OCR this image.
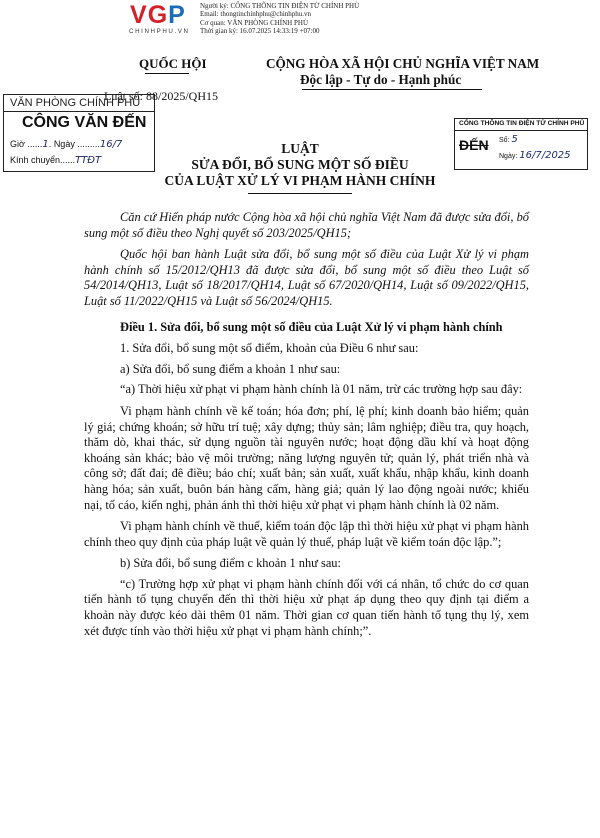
VGP
CHINHPHU.VN
Người ký: CỔNG THÔNG TIN ĐIỆN TỬ CHÍNH PHỦ
Email: thongtinchinhphu@chinhphu.vn
Cơ quan: VĂN PHÒNG CHÍNH PHỦ
Thời gian ký: 16.07.2025 14:33:19 +07:00
QUỐC HỘI	CỘNG HÒA XÃ HỘI CHỦ NGHĨA VIỆT NAM
Độc lập - Tự do - Hạnh phúc
Luật số: 88/2025/QH15
VĂN PHÒNG CHÍNH PHỦ
CÔNG VĂN ĐẾN
Giờ ......1. Ngày .........16/7
Kính chuyển......TTĐT
CỔNG THÔNG TIN ĐIỆN TỬ CHÍNH PHỦ
ĐẾN Số: 5
Ngày: 16/7/2025
LUẬT
SỬA ĐỔI, BỔ SUNG MỘT SỐ ĐIỀU
CỦA LUẬT XỬ LÝ VI PHẠM HÀNH CHÍNH

Căn cứ Hiến pháp nước Cộng hòa xã hội chủ nghĩa Việt Nam đã được sửa đổi, bổ sung một số điều theo Nghị quyết số 203/2025/QH15;

Quốc hội ban hành Luật sửa đổi, bổ sung một số điều của Luật Xử lý vi phạm hành chính số 15/2012/QH13 đã được sửa đổi, bổ sung một số điều theo Luật số 54/2014/QH13, Luật số 18/2017/QH14, Luật số 67/2020/QH14, Luật số 09/2022/QH15, Luật số 11/2022/QH15 và Luật số 56/2024/QH15.

Điều 1. Sửa đổi, bổ sung một số điều của Luật Xử lý vi phạm hành chính

1. Sửa đổi, bổ sung một số điểm, khoản của Điều 6 như sau:

a) Sửa đổi, bổ sung điểm a khoản 1 như sau:

“a) Thời hiệu xử phạt vi phạm hành chính là 01 năm, trừ các trường hợp sau đây:

Vi phạm hành chính về kế toán; hóa đơn; phí, lệ phí; kinh doanh bảo hiểm; quản lý giá; chứng khoán; sở hữu trí tuệ; xây dựng; thủy sản; lâm nghiệp; điều tra, quy hoạch, thăm dò, khai thác, sử dụng nguồn tài nguyên nước; hoạt động dầu khí và hoạt động khoáng sản khác; bảo vệ môi trường; năng lượng nguyên tử; quản lý, phát triển nhà và công sở; đất đai; đê điều; báo chí; xuất bản; sản xuất, xuất khẩu, nhập khẩu, kinh doanh hàng hóa; sản xuất, buôn bán hàng cấm, hàng giả; quản lý lao động ngoài nước; khiếu nại, tố cáo, kiến nghị, phản ánh thì thời hiệu xử phạt vi phạm hành chính là 02 năm.

Vi phạm hành chính về thuế, kiểm toán độc lập thì thời hiệu xử phạt vi phạm hành chính theo quy định của pháp luật về quản lý thuế, pháp luật về kiểm toán độc lập.”;

b) Sửa đổi, bổ sung điểm c khoản 1 như sau:

“c) Trường hợp xử phạt vi phạm hành chính đối với cá nhân, tổ chức do cơ quan tiến hành tố tụng chuyển đến thì thời hiệu xử phạt áp dụng theo quy định tại điểm a khoản này được kéo dài thêm 01 năm. Thời gian cơ quan tiến hành tố tụng thụ lý, xem xét được tính vào thời hiệu xử phạt vi phạm hành chính;”.
